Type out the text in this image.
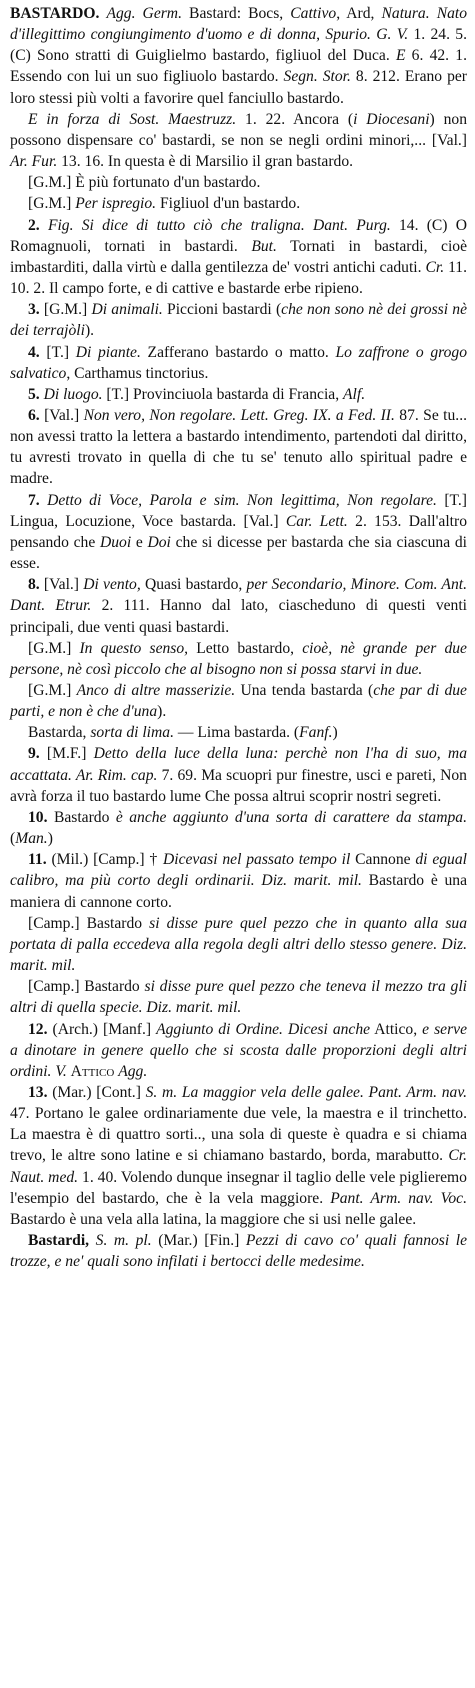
BASTARDO. Agg. Germ. Bastard: Bocs, Cattivo, Ard, Natura. Nato d'illegittimo congiungimento d'uomo e di donna, Spurio. G. V. 1. 24. 5. (C) Sono stratti di Guiglielmo bastardo, figliuol del Duca. E 6. 42. 1. Essendo con lui un suo figliuolo bastardo. Segn. Stor. 8. 212. Erano per loro stessi più volti a favorire quel fanciullo bastardo.

E in forza di Sost. Maestruzz. 1. 22. Ancora (i Diocesani) non possono dispensare co' bastardi, se non se negli ordini minori,... [Val.] Ar. Fur. 13. 16. In questa è di Marsilio il gran bastardo.

[G.M.] È più fortunato d'un bastardo.

[G.M.] Per ispregio. Figliuol d'un bastardo.

2. Fig. Si dice di tutto ciò che traligna. Dant. Purg. 14. (C) O Romagnuoli, tornati in bastardi. But. Tornati in bastardi, cioè imbastarditi, dalla virtù e dalla gentilezza de' vostri antichi caduti. Cr. 11. 10. 2. Il campo forte, e di cattive e bastarde erbe ripieno.

3. [G.M.] Di animali. Piccioni bastardi (che non sono nè dei grossi nè dei terrajòli).

4. [T.] Di piante. Zafferano bastardo o matto. Lo zaffrone o grogo salvatico, Carthamus tinctorius.

5. Di luogo. [T.] Provinciuola bastarda di Francia, Alf.

6. [Val.] Non vero, Non regolare. Lett. Greg. IX. a Fed. II. 87. Se tu... non avessi tratto la lettera a bastardo intendimento, partendoti dal diritto, tu avresti trovato in quella di che tu se' tenuto allo spiritual padre e madre.

7. Detto di Voce, Parola e sim. Non legittima, Non regolare. [T.] Lingua, Locuzione, Voce bastarda. [Val.] Car. Lett. 2. 153. Dall'altro pensando che Duoi e Doi che si dicesse per bastarda che sia ciascuna di esse.

8. [Val.] Di vento, Quasi bastardo, per Secondario, Minore. Com. Ant. Dant. Etrur. 2. 111. Hanno dal lato, ciascheduno di questi venti principali, due venti quasi bastardi.

[G.M.] In questo senso, Letto bastardo, cioè, nè grande per due persone, nè così piccolo che al bisogno non si possa starvi in due.

[G.M.] Anco di altre masserizie. Una tenda bastarda (che par di due parti, e non è che d'una).

Bastarda, sorta di lima. — Lima bastarda. (Fanf.)

9. [M.F.] Detto della luce della luna: perchè non l'ha di suo, ma accattata. Ar. Rim. cap. 7. 69. Ma scuopri pur finestre, usci e pareti, Non avrà forza il tuo bastardo lume Che possa altrui scoprir nostri segreti.

10. Bastardo è anche aggiunto d'una sorta di carattere da stampa. (Man.)

11. (Mil.) [Camp.] † Dicevasi nel passato tempo il Cannone di egual calibro, ma più corto degli ordinarii. Diz. marit. mil. Bastardo è una maniera di cannone corto.

[Camp.] Bastardo si disse pure quel pezzo che in quanto alla sua portata di palla eccedeva alla regola degli altri dello stesso genere. Diz. marit. mil.

[Camp.] Bastardo si disse pure quel pezzo che teneva il mezzo tra gli altri di quella specie. Diz. marit. mil.

12. (Arch.) [Manf.] Aggiunto di Ordine. Dicesi anche Attico, e serve a dinotare in genere quello che si scosta dalle proporzioni degli altri ordini. V. Attico Agg.

13. (Mar.) [Cont.] S. m. La maggior vela delle galee. Pant. Arm. nav. 47. Portano le galee ordinariamente due vele, la maestra e il trinchetto. La maestra è di quattro sorti.., una sola di queste è quadra e si chiama trevo, le altre sono latine e si chiamano bastardo, borda, marabutto. Cr. Naut. med. 1. 40. Volendo dunque insegnar il taglio delle vele piglieremo l'esempio del bastardo, che è la vela maggiore. Pant. Arm. nav. Voc. Bastardo è una vela alla latina, la maggiore che si usi nelle galee.

Bastardi, S. m. pl. (Mar.) [Fin.] Pezzi di cavo co' quali fannosi le trozze, e ne' quali sono infilati i bertocci delle medesime.
